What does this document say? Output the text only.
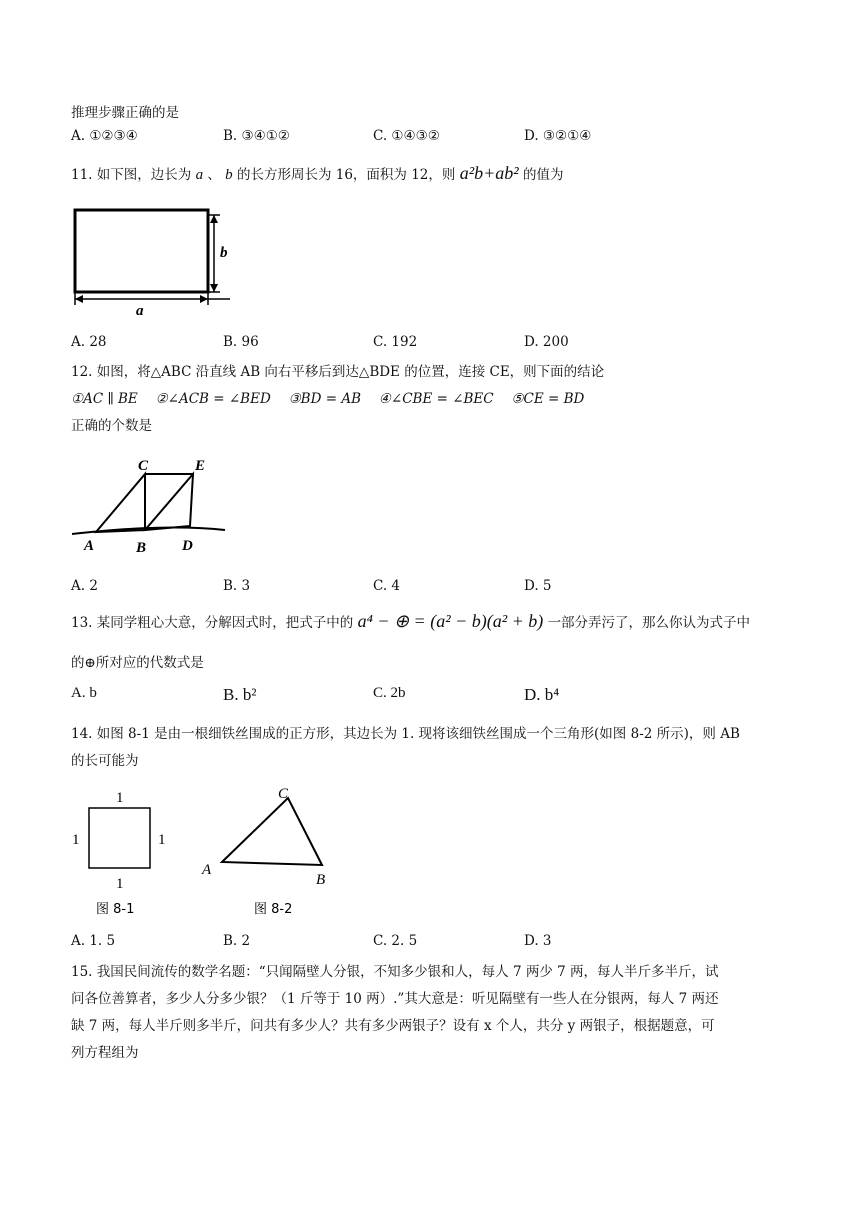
推理步骤正确的是
A. ①②③④	B. ③④①②	C. ①④③②	D. ③②①④
11. 如下图，边长为 a 、 b 的长方形周长为 16，面积为 12，则 a²b+ab² 的值为
b
a
A. 28	B. 96	C. 192	D. 200
12. 如图，将△ABC 沿直线 AB 向右平移后到达△BDE 的位置，连接 CE，则下面的结论
①AC ∥ BE　 ②∠ACB = ∠BED　 ③BD = AB　 ④∠CBE = ∠BEC　 ⑤CE = BD
正确的个数是
C	E
A	B D
A. 2	B. 3	C. 4	D. 5
13. 某同学粗心大意，分解因式时，把式子中的 a⁴ − ⊕ = (a² − b)(a² + b) 一部分弄污了，那么你认为式子中
的⊕所对应的代数式是
A. b	B. b²	C. 2b	D. b⁴
14. 如图 8-1 是由一根细铁丝围成的正方形，其边长为 1. 现将该细铁丝围成一个三角形(如图 8-2 所示)，则 AB
的长可能为
1
1	1
1
图 8-1
C
A
B
图 8-2
A. 1. 5	B. 2	C. 2. 5	D. 3
15. 我国民间流传的数学名题：“只闻隔壁人分银，不知多少银和人，每人 7 两少 7 两，每人半斤多半斤，试
问各位善算者，多少人分多少银？（1 斤等于 10 两）.”其大意是：听见隔壁有一些人在分银两，每人 7 两还
缺 7 两，每人半斤则多半斤，问共有多少人？共有多少两银子？设有 x 个人，共分 y 两银子，根据题意，可
列方程组为
